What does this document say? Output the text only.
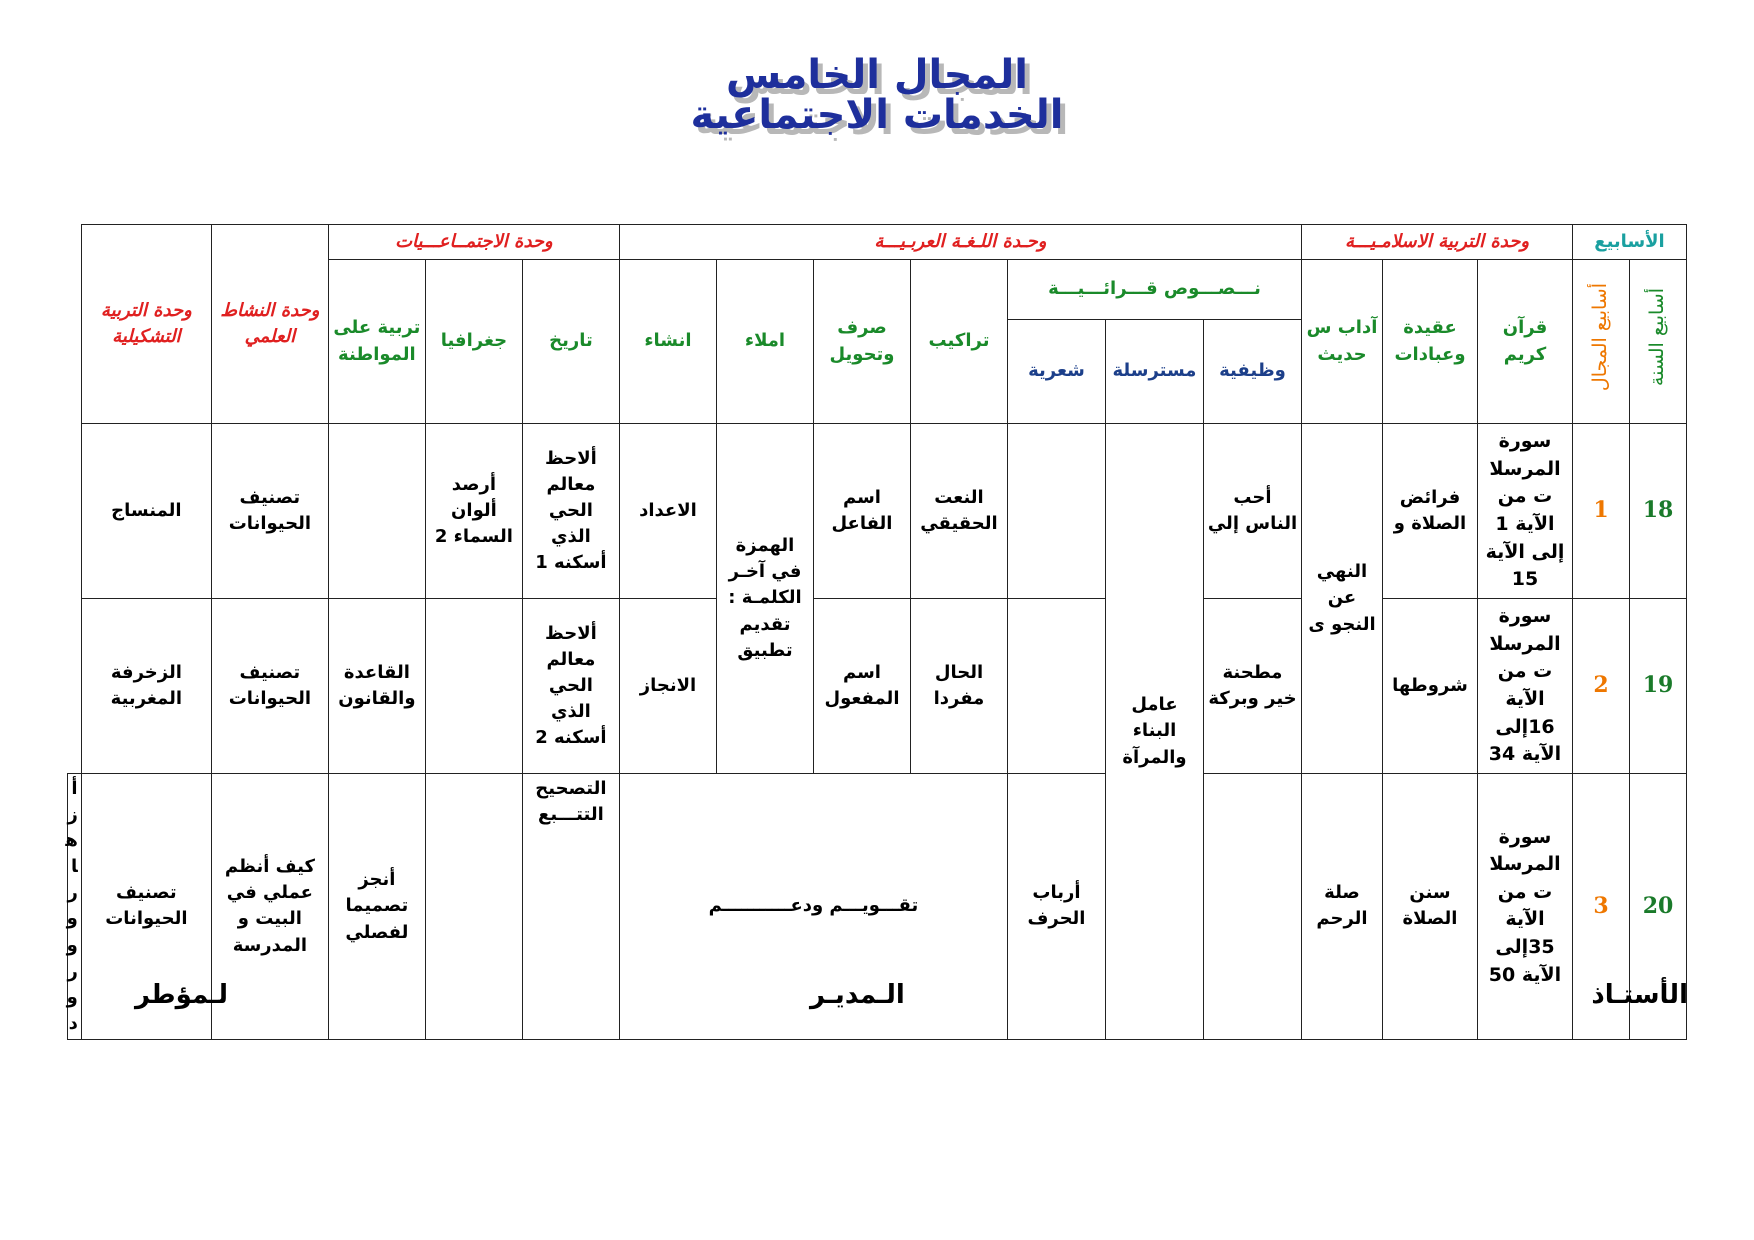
المجال الخامس
الخدمات الاجتماعية
الأسابيع		وحدة التربية الاسلامـيـــة			وحـدة اللـغـة العربـيـــة							وحدة الاجتمــاعـــيات			وحدة النشاط العلمي	وحدة التربية التشكيلية	
أسابيع السنة	أسابيع المجال	قرآن كريم	عقيدة وعبادات	آداب س حديث	نـــصـــوص قـــرائـــيـــة			تراكيب	صرف وتحويل	املاء	انشاء	تاريخ	جغرافيا	تربية على المواطنة			
					وظيفية	مسترسلة	شعرية										
18	1	سورة المرسلات من الآية 1 إلى الآية 15	فرائض الصلاة و	النهي عن النجو ى	أحب الناس إلي	عامل البناء والمرآة		النعت الحقيقي	اسم الفاعل	الهمزة في آخـر الكلمـة : تقديم تطبيق	الاعداد	ألاحظ معالم الحي الذي أسكنه 1	أرصد ألوان السماء 2		تصنيف الحيوانات	المنساج	
19	2	سورة المرسلات من الآية 16إلى الآية 34	شروطها		مطحنة خير وبركة			الحال مفردا	اسم المفعول		الانجاز	ألاحظ معالم الحي الذي أسكنه 2		القاعدة والقانون	تصنيف الحيوانات	الزخرفة المغربية	
20	3	سورة المرسلات من الآية 35إلى الآية 50	سنن الصلاة	صلة الرحم			أرباب الحرف	تقـــويـــم ودعـــــــــــم				التصحيح التتـــبع		أنجز تصميما لفصلي	كيف أنظم عملي في البيت و المدرسة	تصنيف الحيوانات	أزهار و ورود
الأستـاذ
الـمديـر
لـمؤطر
